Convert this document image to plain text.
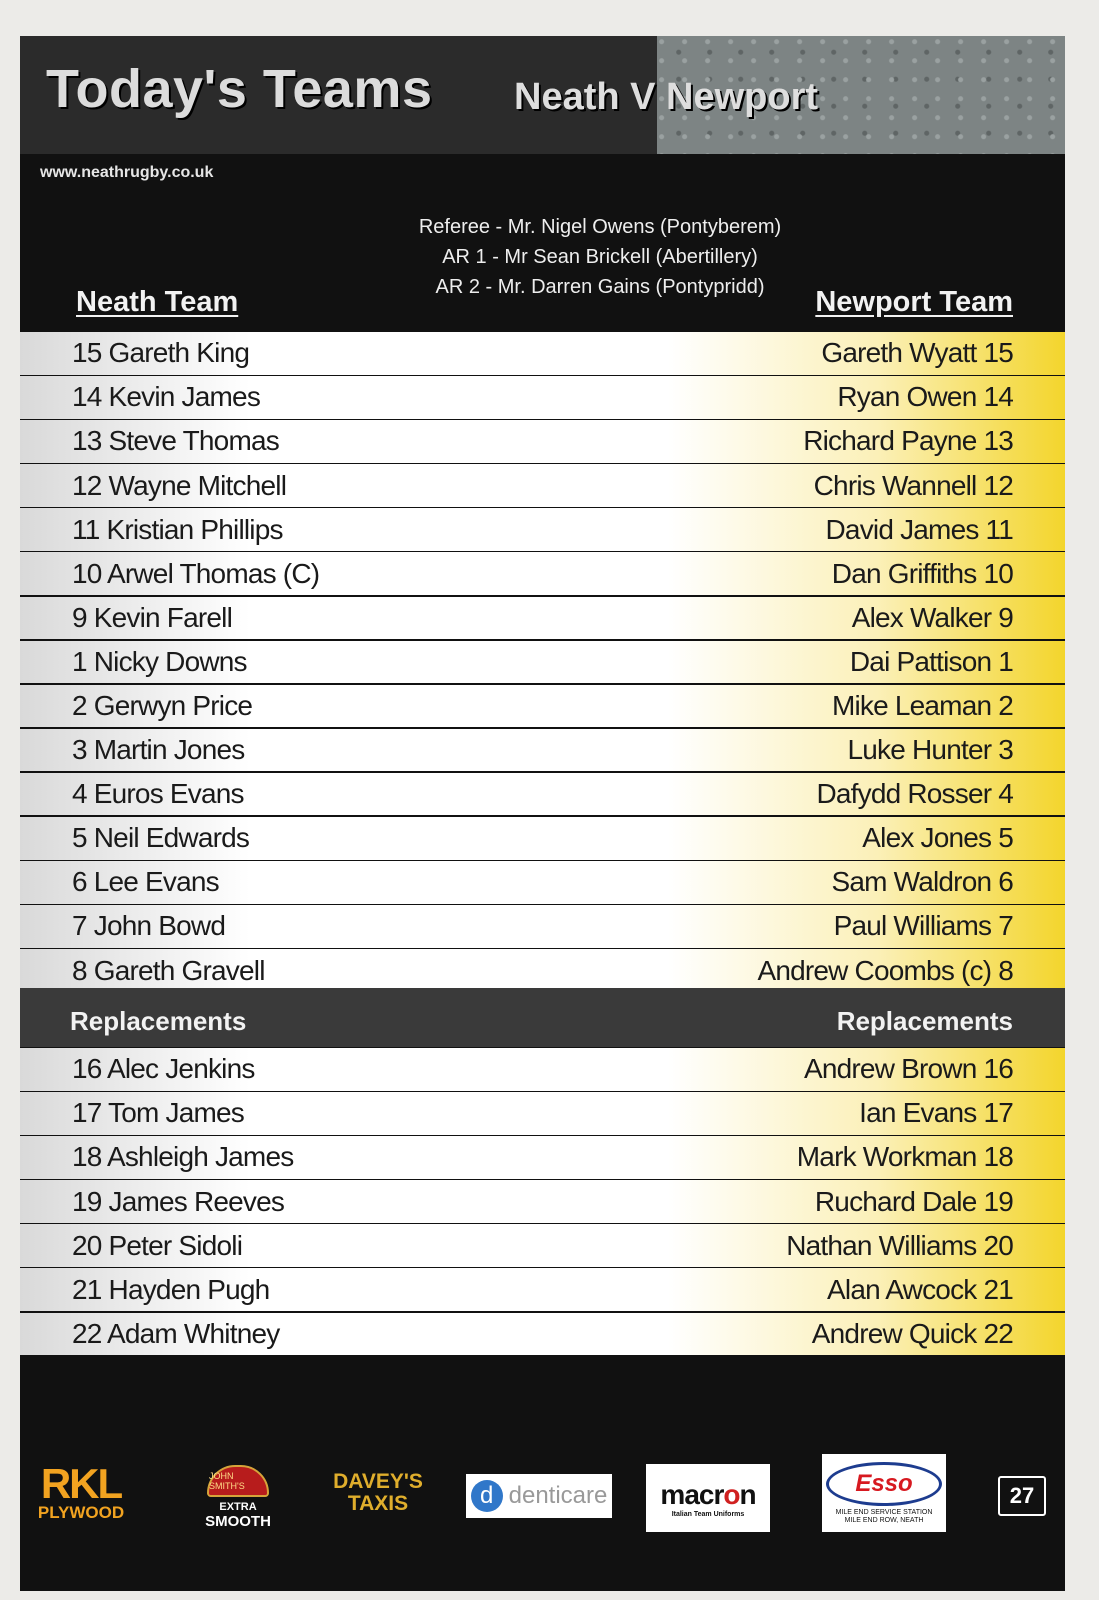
Today's Teams Neath V Newport
www.neathrugby.co.uk
Referee - Mr. Nigel Owens (Pontyberem)
AR 1 - Mr Sean Brickell (Abertillery)
AR 2 - Mr. Darren Gains (Pontypridd)
Neath Team	Newport Team
15 Gareth King	Gareth Wyatt 15
14 Kevin James	Ryan Owen 14
13 Steve Thomas	Richard Payne 13
12 Wayne Mitchell	Chris Wannell 12
11 Kristian Phillips	David James 11
10 Arwel Thomas (C)	Dan Griffiths 10
9 Kevin Farell	Alex Walker 9
1 Nicky Downs	Dai Pattison 1
2 Gerwyn Price	Mike Leaman 2
3 Martin Jones	Luke Hunter 3
4 Euros Evans	Dafydd Rosser 4
5 Neil Edwards	Alex Jones 5
6 Lee Evans	Sam Waldron 6
7 John Bowd	Paul Williams 7
8 Gareth Gravell	Andrew Coombs (c) 8
Replacements	Replacements
16 Alec Jenkins	Andrew Brown 16
17 Tom James	Ian Evans 17
18 Ashleigh James	Mark Workman 18
19 James Reeves	Ruchard Dale 19
20 Peter Sidoli	Nathan Williams 20
21 Hayden Pugh	Alan Awcock 21
22 Adam Whitney	Andrew Quick 22
RKL
PLYWOOD
JOHN SMITH'S
EXTRA
SMOOTH
DAVEY'S
TAXIS	d denticare macron
Italian Team Uniforms
Esso
MILE END SERVICE STATION
MILE END ROW, NEATH
27
